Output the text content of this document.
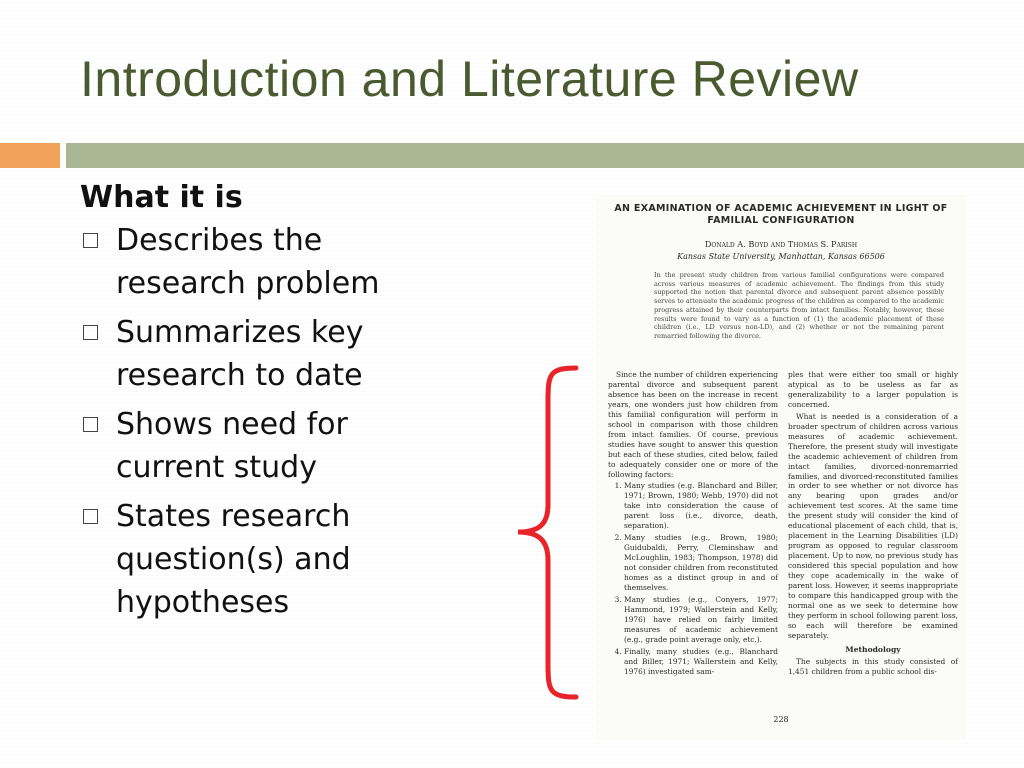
Introduction and Literature Review
What it is
Describes the research problem
Summarizes key research to date
Shows need for current study
States research question(s) and hypotheses
AN EXAMINATION OF ACADEMIC ACHIEVEMENT IN LIGHT OF FAMILIAL CONFIGURATION
Donald A. Boyd and Thomas S. Parish
Kansas State University, Manhattan, Kansas 66506
In the present study children from various familial configurations were compared across various measures of academic achievement. The findings from this study supported the notion that parental divorce and subsequent parent absence possibly serves to attenuate the academic progress of the children as compared to the academic progress attained by their counterparts from intact families. Notably, however, these results were found to vary as a function of (1) the academic placement of these children (i.e., LD versus non-LD), and (2) whether or not the remaining parent remarried following the divorce.

Since the number of children experiencing parental divorce and subsequent parent absence has been on the increase in recent years, one wonders just how children from this familial configuration will perform in school in comparison with those children from intact families. Of course, previous studies have sought to answer this question but each of these studies, cited below, failed to adequately consider one or more of the following factors:

1. Many studies (e.g. Blanchard and Biller, 1971; Brown, 1980; Webb, 1970) did not take into consideration the cause of parent loss (i.e., divorce, death, separation).
2. Many studies (e.g., Brown, 1980; Guidubaldi, Perry, Cleminshaw and McLoughlin, 1983; Thompson, 1978) did not consider children from reconstituted homes as a distinct group in and of themselves.
3. Many studies (e.g., Conyers, 1977; Hammond, 1979; Wallerstein and Kelly, 1976) have relied on fairly limited measures of academic achievement (e.g., grade point average only, etc.).
4. Finally, many studies (e.g., Blanchard and Biller, 1971; Wallerstein and Kelly, 1976) investigated sam-

ples that were either too small or highly atypical as to be useless as far as generalizability to a larger population is concerned.

What is needed is a consideration of a broader spectrum of children across various measures of academic achievement. Therefore, the present study will investigate the academic achievement of children from intact families, divorced-nonremarried families, and divorced-reconstituted families in order to see whether or not divorce has any bearing upon grades and/or achievement test scores. At the same time the present study will consider the kind of educational placement of each child, that is, placement in the Learning Disabilities (LD) program as opposed to regular classroom placement. Up to now, no previous study has considered this special population and how they cope academically in the wake of parent loss. However, it seems inappropriate to compare this handicapped group with the normal one as we seek to determine how they perform in school following parent loss, so each will therefore be examined separately.

Methodology

The subjects in this study consisted of 1,451 children from a public school dis-

228
